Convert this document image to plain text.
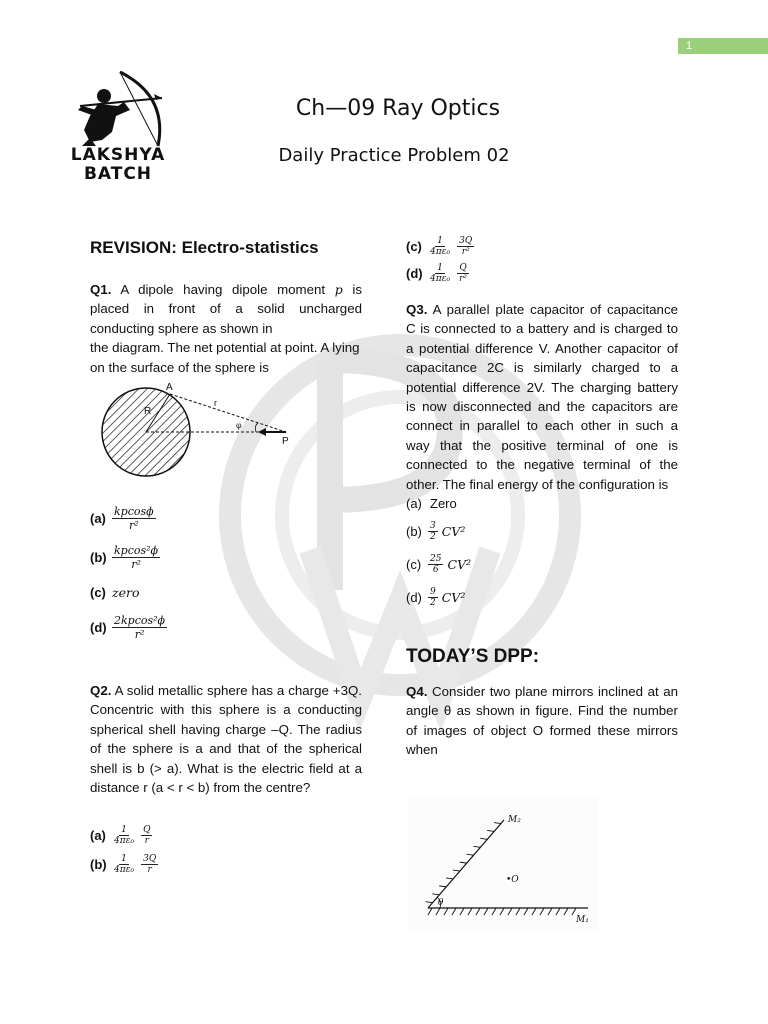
1
LAKSHYA
BATCH
Ch—09 Ray Optics
Daily Practice Problem 02
REVISION: Electro-statistics
Q1. A dipole having dipole moment p is placed in front of a solid uncharged conducting sphere as shown in
the diagram. The net potential at point. A lying on the surface of the sphere is
$(a) \frac{kpcos\phi}{\text{r²}}$
$(b) \frac{\text{kpcos²ϕ}}{\text{r²}}$
(c) zero
$(d) \frac{\text{2kpcos²ϕ}}{\text{r²}}$
Q2. A solid metallic sphere has a charge +3Q. Concentric with this sphere is a conducting spherical shell having charge –Q. The radius of the sphere is a and that of the spherical shell is b (> a). What is the electric field at a distance r (a < r < b) from the centre?
$(a) \frac{1}{\text{4πε₀}} \frac{Q}{r}$
$(b) \frac{1}{\text{4πε₀}} \frac{3Q}{r}$
A
R
r
φ
P
$(c) \frac{1}{\text{4πε₀}} \frac{3Q}{\text{r²}}$
$(d) \frac{1}{\text{4πε₀}} \frac{Q}{\text{r²}}$
Q3. A parallel plate capacitor of capacitance C is connected to a battery and is charged to a potential difference V. Another capacitor of capacitance 2C is similarly charged to a potential difference 2V. The charging battery is now disconnected and the capacitors are connect in parallel to each other in such a way that the positive terminal of one is connected to the negative terminal of the other. The final energy of the configuration is
(a) Zero
$(b) \frac{3}{2} CV^2$
$(c) \frac{25}{6} CV^2$
$(d) \frac{9}{2} CV^2$
TODAY’S DPP:
Q4. Consider two plane mirrors inclined at an angle θ as shown in figure. Find the number of images of object O formed these mirrors when
θ
•O
M₂
M₁
